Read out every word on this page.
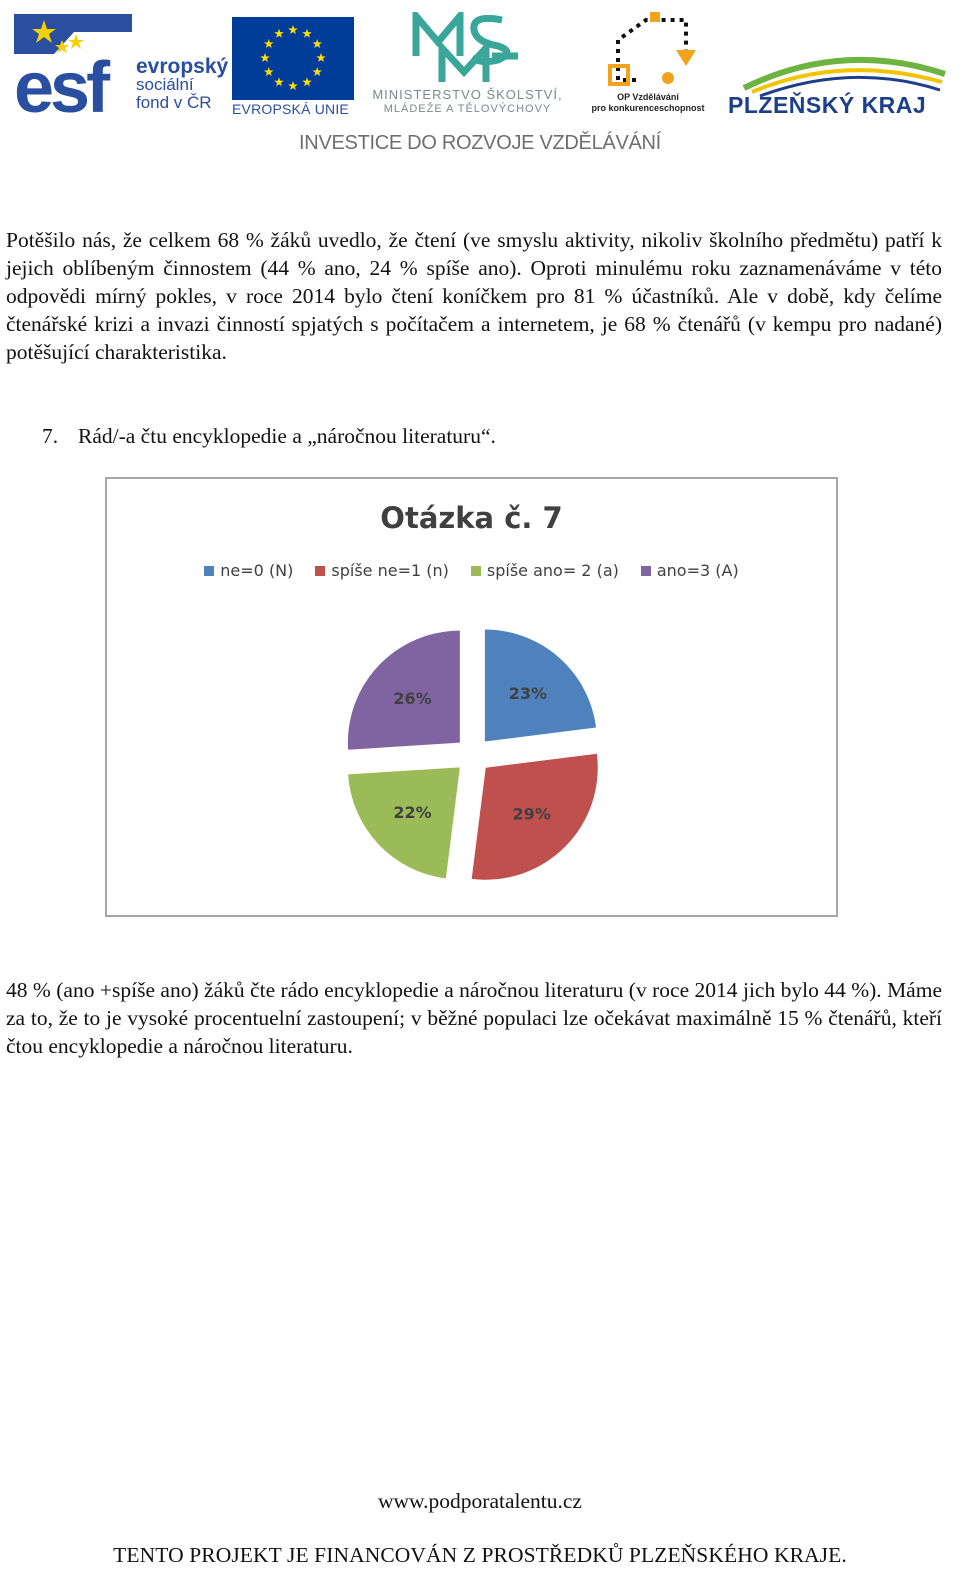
esf evropský
sociální
fond v ČR	EVROPSKÁ UNIE
MINISTERSTVO ŠKOLSTVÍ,
MLÁDEŽE A TĚLOVÝCHOVY
OP Vzdělávání
pro konkurenceschopnost	PLZEŇSKÝ KRAJ
INVESTICE DO ROZVOJE VZDĚLÁVÁNÍ

Potěšilo nás, že celkem 68 % žáků uvedlo, že čtení (ve smyslu aktivity, nikoliv školního předmětu) patří k jejich oblíbeným činnostem (44 % ano, 24 % spíše ano). Oproti minulému roku zaznamenáváme v této odpovědi mírný pokles, v roce 2014 bylo čtení koníčkem pro 81 % účastníků. Ale v době, kdy čelíme čtenářské krizi a invazi činností spjatých s počítačem a internetem, je 68 % čtenářů (v kempu pro nadané) potěšující charakteristika.

7. Rád/-a čtu encyklopedie a „náročnou literaturu“.
Otázka č. 7
ne=0 (N) spíše ne=1 (n) spíše ano= 2 (a) ano=3 (A)
23%
29%
22%
26%

48 % (ano +spíše ano) žáků čte rádo encyklopedie a náročnou literaturu (v roce 2014 jich bylo 44 %). Máme za to, že to je vysoké procentuelní zastoupení; v běžné populaci lze očekávat maximálně 15 % čtenářů, kteří čtou encyklopedie a náročnou literaturu.

www.podporatalentu.cz
TENTO PROJEKT JE FINANCOVÁN Z PROSTŘEDKŮ PLZEŇSKÉHO KRAJE.
